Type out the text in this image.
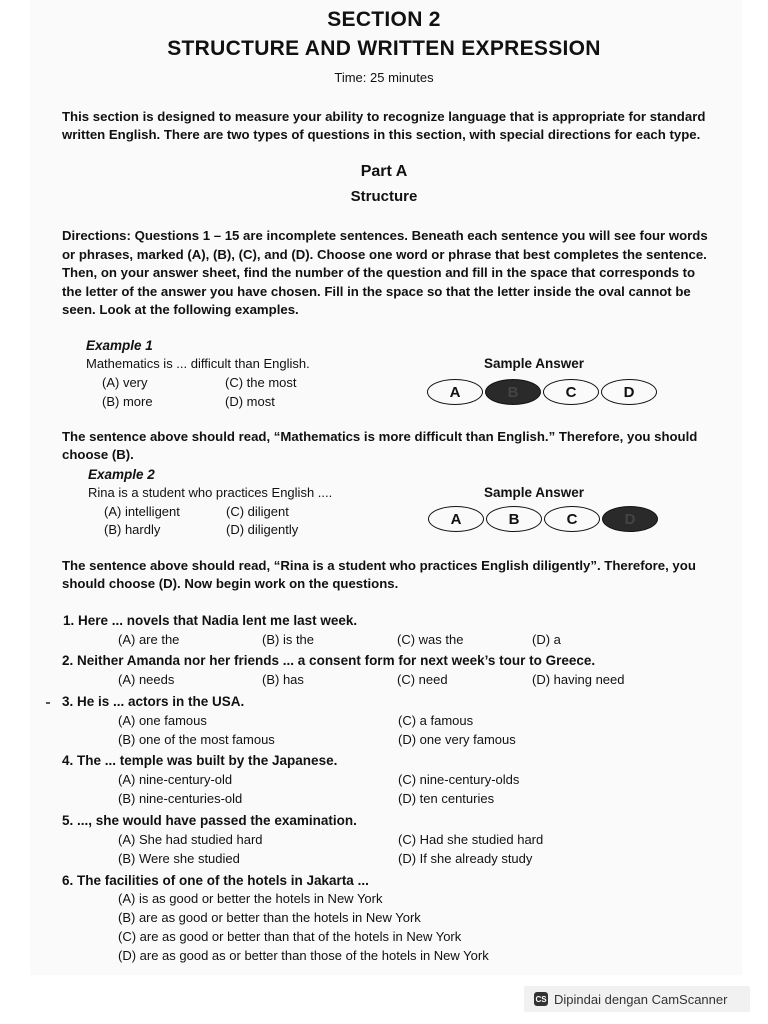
SECTION 2
STRUCTURE AND WRITTEN EXPRESSION
Time: 25 minutes
This section is designed to measure your ability to recognize language that is appropriate for standard written English. There are two types of questions in this section, with special directions for each type.
Part A
Structure
Directions: Questions 1 – 15 are incomplete sentences. Beneath each sentence you will see four words or phrases, marked (A), (B), (C), and (D). Choose one word or phrase that best completes the sentence. Then, on your answer sheet, find the number of the question and fill in the space that corresponds to the letter of the answer you have chosen. Fill in the space so that the letter inside the oval cannot be seen. Look at the following examples.
Example 1
Mathematics is ... difficult than English.
(A) very	(C) the most
(B) more	(D) most
Sample Answer
A	B	C	D
The sentence above should read, “Mathematics is more difficult than English.” Therefore, you should choose (B).
Example 2
Rina is a student who practices English ....
(A) intelligent	(C) diligent
(B) hardly	(D) diligently
Sample Answer
A	B	C	D
The sentence above should read, “Rina is a student who practices English diligently”. Therefore, you should choose (D). Now begin work on the questions.
1. Here ... novels that Nadia lent me last week.
(A) are the	(B) is the	(C) was the	(D) a
2. Neither Amanda nor her friends ... a consent form for next week’s tour to Greece.
(A) needs	(B) has	(C) need	(D) having need
3. He is ... actors in the USA.
(A) one famous	(C) a famous
(B) one of the most famous	(D) one very famous
4. The ... temple was built by the Japanese.
(A) nine-century-old	(C) nine-century-olds
(B) nine-centuries-old	(D) ten centuries
5. ..., she would have passed the examination.
(A) She had studied hard	(C) Had she studied hard
(B) Were she studied	(D) If she already study
6. The facilities of one of the hotels in Jakarta ...
(A) is as good or better the hotels in New York
(B) are as good or better than the hotels in New York
(C) are as good or better than that of the hotels in New York
(D) are as good as or better than those of the hotels in New York
CS Dipindai dengan CamScanner
